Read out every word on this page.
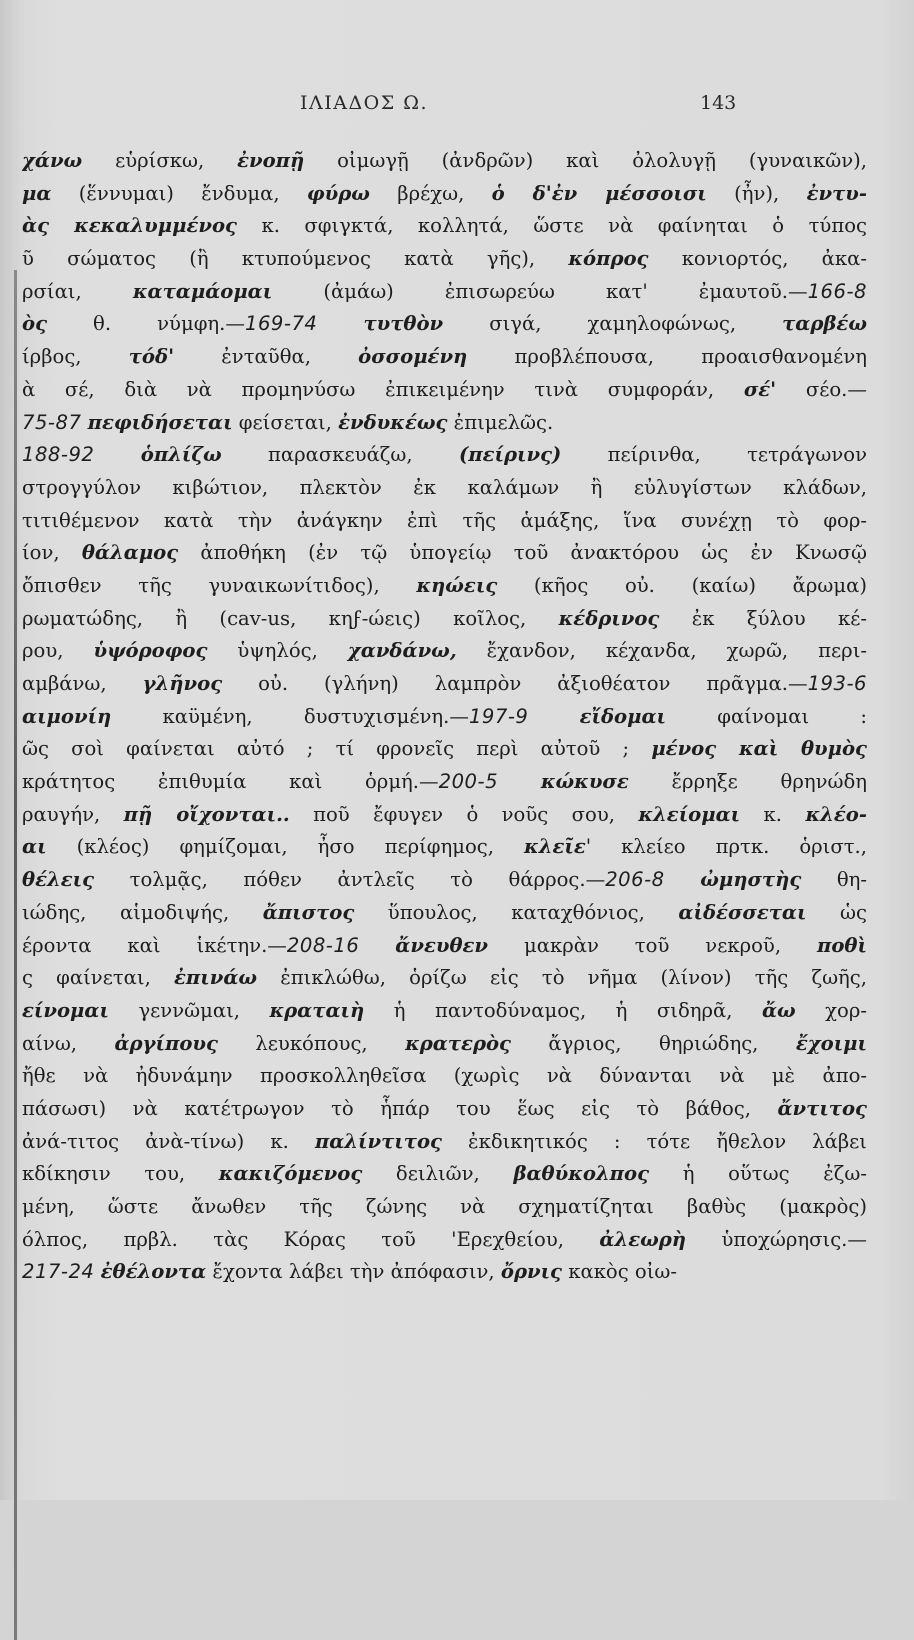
ΙΛΙΑΔΟΣ Ω.	143
χάνω εὑρίσκω, ἐνοπῇ οἰμωγῇ (ἀνδρῶν) καὶ ὀλολυγῇ (γυναικῶν),
μα (ἕννυμαι) ἔνδυμα, φύρω βρέχω, ὁ δ'ἐν μέσσοισι (ἦν), ἐντυ-
ὰς κεκαλυμμένος κ. σφιγκτά, κολλητά, ὥστε νὰ φαίνηται ὁ τύπος
ῦ σώματος (ἢ κτυπούμενος κατὰ γῆς), κόπρος κονιορτός, ἀκα-
ρσίαι, καταμάομαι (ἀμάω) ἐπισωρεύω κατ' ἐμαυτοῦ.—166-8
ὸς θ. νύμφη.—169-74 τυτθὸν σιγά, χαμηλοφώνως, ταρβέω
ίρβος, τόδ' ἐνταῦθα, ὀσσομένη προβλέπουσα, προαισθανομένη
ὰ σέ, διὰ νὰ προμηνύσω ἐπικειμένην τινὰ συμφοράν, σέ' σέο.—
75-87 πεφιδήσεται φείσεται, ἐνδυκέως ἐπιμελῶς.
188-92 ὁπλίζω παρασκευάζω, (πείρινς) πείρινθα, τετράγωνον
στρογγύλον κιβώτιον, πλεκτὸν ἐκ καλάμων ἢ εὐλυγίστων κλάδων,
τιτιθέμενον κατὰ τὴν ἀνάγκην ἐπὶ τῆς ἁμάξης, ἵνα συνέχῃ τὸ φορ-
ίον, θάλαμος ἀποθήκη (ἐν τῷ ὑπογείῳ τοῦ ἀνακτόρου ὡς ἐν Κνωσῷ
ὄπισθεν τῆς γυναικωνίτιδος), κηώεις (κῆος οὐ. (καίω) ἄρωμα)
ρωματώδης, ἢ (cav-us, κηϝ-ώεις) κοῖλος, κέδρινος ἐκ ξύλου κέ-
ρου, ὑψόροφος ὑψηλός, χανδάνω, ἔχανδον, κέχανδα, χωρῶ, περι-
αμβάνω, γλῆνος οὐ. (γλήνη) λαμπρὸν ἀξιοθέατον πρᾶγμα.—193-6
αιμονίη καϋμένη, δυστυχισμένη.—197-9	εἴδομαι φαίνομαι :
ῶς σοὶ φαίνεται αὐτό ; τί φρονεῖς περὶ αὐτοῦ ; μένος καὶ θυμὸς
κράτητος ἐπιθυμία καὶ ὁρμή.—200-5 κώκυσε ἔρρηξε θρηνώδη
ραυγήν, πῇ οἴχονται.. ποῦ ἔφυγεν ὁ νοῦς σου, κλείομαι κ. κλέο-
αι (κλέος) φημίζομαι, ἦσο περίφημος, κλεῖε' κλείεο πρτκ. ὁριστ.,
θέλεις τολμᾷς, πόθεν ἀντλεῖς τὸ θάρρος.—206-8 ὠμηστὴς θη-
ιώδης, αἱμοδιψής, ἄπιστος ὕπουλος, καταχθόνιος, αἰδέσσεται ὡς
έροντα καὶ ἱκέτην.—208-16 ἄνευθεν μακρὰν τοῦ νεκροῦ, ποθὶ
ς φαίνεται, ἐπινάω ἐπικλώθω, ὁρίζω εἰς τὸ νῆμα (λίνον) τῆς ζωῆς,
είνομαι γεννῶμαι, κραταιὴ ἡ παντοδύναμος, ἡ σιδηρᾶ, ἄω χορ-
αίνω, ἀργίπους λευκόπους, κρατερὸς ἄγριος, θηριώδης, ἔχοιμι
ἤθε νὰ ἠδυνάμην προσκολληθεῖσα (χωρὶς νὰ δύνανται νὰ μὲ ἀπο-
πάσωσι) νὰ κατέτρωγον τὸ ἧπάρ του ἕως εἰς τὸ βάθος, ἄντιτος
ἀνά-τιτος ἀνὰ-τίνω) κ. παλίντιτος ἐκδικητικός : τότε ἤθελον λάβει
κδίκησιν του, κακιζόμενος δειλιῶν, βαθύκολπος ἡ οὕτως ἐζω-
μένη, ὥστε ἄνωθεν τῆς ζώνης νὰ σχηματίζηται βαθὺς (μακρὸς)
όλπος, πρβλ. τὰς Κόρας τοῦ 'Ερεχθείου, ἀλεωρὴ ὑποχώρησις.—
217-24 ἐθέλοντα ἔχοντα λάβει τὴν ἀπόφασιν, ὄρνις κακὸς οἰω-
